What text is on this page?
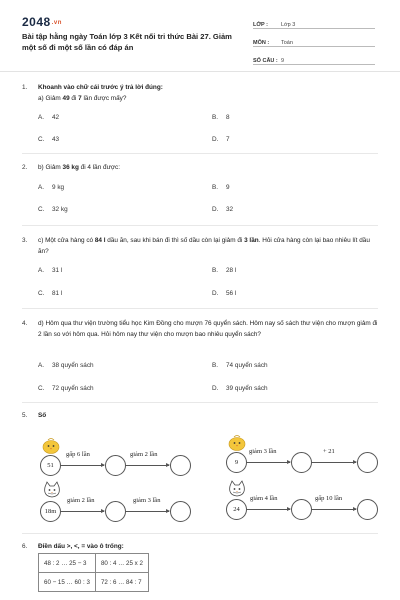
2048.vn
Bài tập hằng ngày Toán lớp 3 Kết nối tri thức Bài 27. Giảm một số đi một số lần có đáp án
LỚP :	Lớp 3
MÔN :	Toán
SỐ CÂU : 9
1. Khoanh vào chữ cái trước ý trả lời đúng:
a) Giảm 49 đi 7 lần được mấy?
A. 42	B. 8
C. 43	D. 7
2. b) Giảm 36 kg đi 4 lần được:
A. 9 kg	B. 9
C. 32 kg	D. 32
3. c) Một cửa hàng có 84 l dầu ăn, sau khi bán đi thì số dầu còn lại giảm đi 3 lần. Hỏi cửa hàng còn lại bao nhiêu lít dầu ăn?
A. 31 l	B. 28 l
C. 81 l	D. 56 l
4. d) Hôm qua thư viện trường tiểu học Kim Đồng cho mượn 76 quyển sách. Hôm nay số sách thư viện cho mượn giảm đi 2 lần so với hôm qua. Hỏi hôm nay thư viện cho mượn bao nhiêu quyển sách?
A. 38 quyển sách	B. 74 quyển sách
C. 72 quyển sách	D. 39 quyển sách
5. Số
51
gấp 6 lần	giảm 2 lần
9
giảm 3 lần	+ 21
18m
giảm 2 lần	giảm 3 lần
24
giảm 4 lần	gấp 10 lần
6. Điền dấu >, <, = vào ô trống:
48 : 2 … 25 − 3	80 : 4 … 25 x 2
60 − 15 … 60 : 3	72 : 6 … 84 : 7
